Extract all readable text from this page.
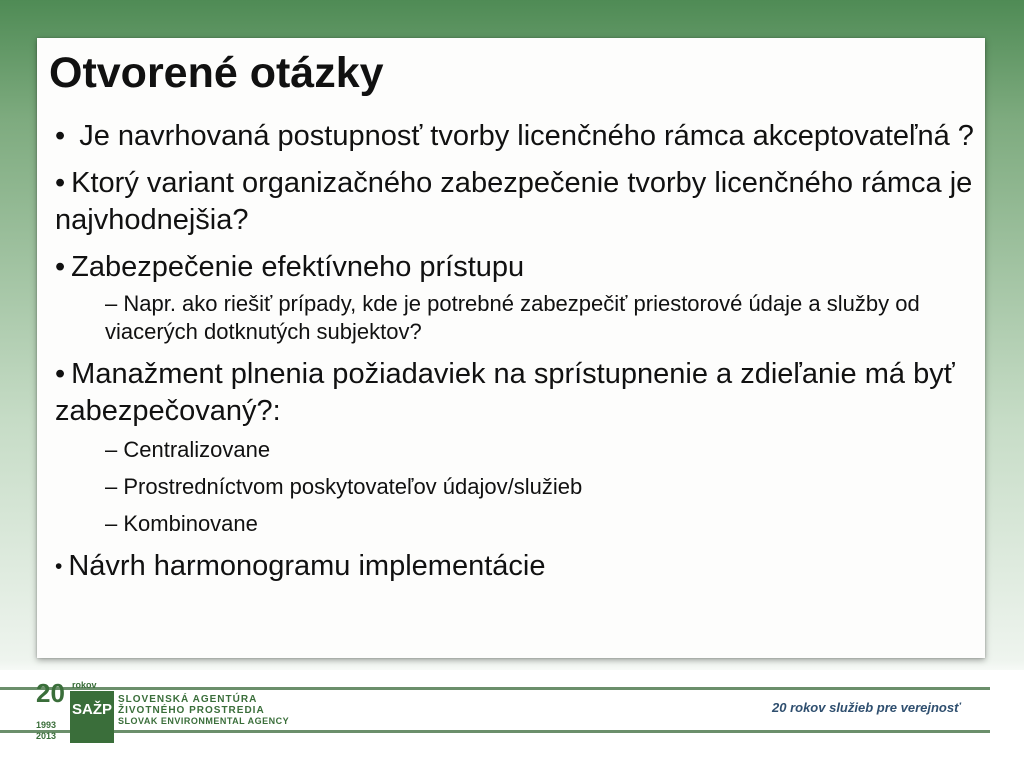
Otvorené otázky
• Je navrhovaná postupnosť tvorby licenčného rámca akceptovateľná ?
• Ktorý variant organizačného zabezpečenie tvorby licenčného rámca je najvhodnejšia?
• Zabezpečenie efektívneho prístupu
– Napr. ako riešiť prípady, kde je potrebné zabezpečiť priestorové údaje a služby od viacerých dotknutých subjektov?
• Manažment plnenia požiadaviek na sprístupnenie a zdieľanie má byť zabezpečovaný?:
– Centralizovane
– Prostredníctvom poskytovateľov údajov/služieb
– Kombinovane
• Návrh harmonogramu implementácie
20 rokov
SAŽP
1993
2013
SLOVENSKÁ AGENTÚRA
ŽIVOTNÉHO PROSTREDIA
SLOVAK ENVIRONMENTAL AGENCY
20 rokov služieb pre verejnosť
